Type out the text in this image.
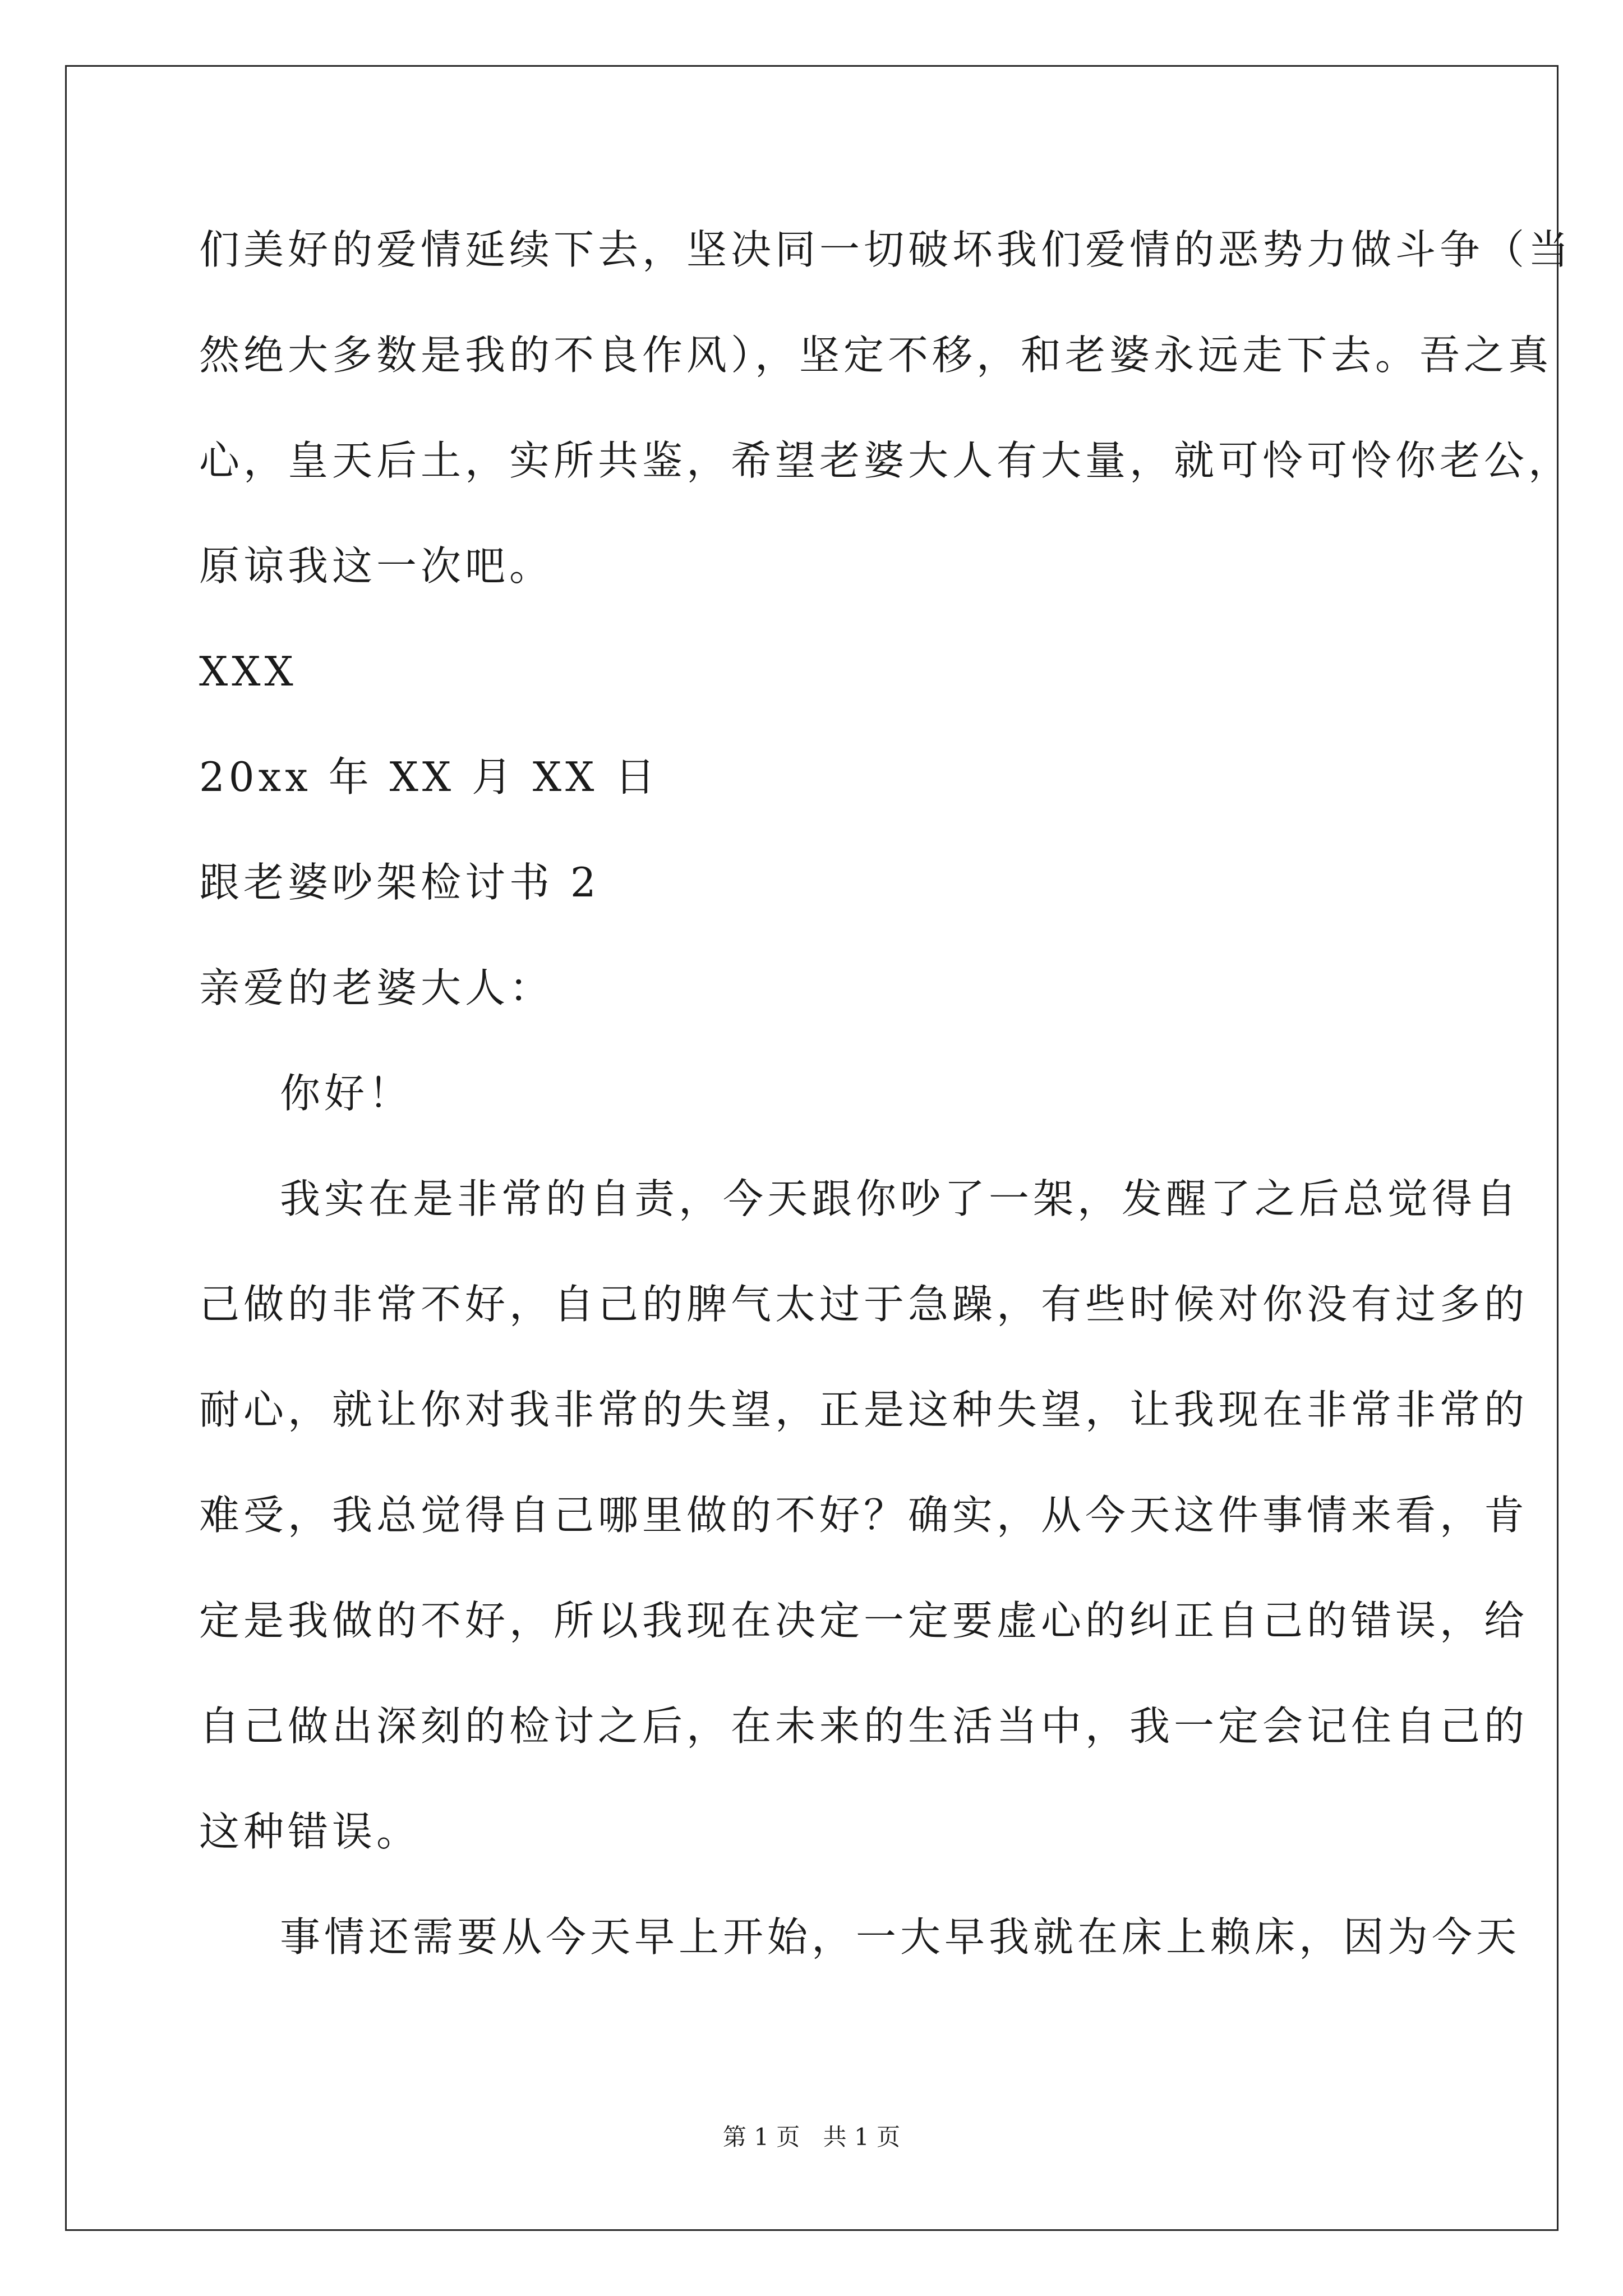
们美好的爱情延续下去，坚决同一切破坏我们爱情的恶势力做斗争（当
然绝大多数是我的不良作风），坚定不移，和老婆永远走下去。吾之真
心，皇天后土，实所共鉴，希望老婆大人有大量，就可怜可怜你老公，
原谅我这一次吧。
XXX
20xx 年 XX 月 XX 日
跟老婆吵架检讨书 2
亲爱的老婆大人：
你好！
我实在是非常的自责，今天跟你吵了一架，发醒了之后总觉得自
己做的非常不好，自己的脾气太过于急躁，有些时候对你没有过多的
耐心，就让你对我非常的失望，正是这种失望，让我现在非常非常的
难受，我总觉得自己哪里做的不好？确实，从今天这件事情来看，肯
定是我做的不好，所以我现在决定一定要虚心的纠正自己的错误，给
自己做出深刻的检讨之后，在未来的生活当中，我一定会记住自己的
这种错误。
事情还需要从今天早上开始，一大早我就在床上赖床，因为今天
第 1 页 共 1 页
